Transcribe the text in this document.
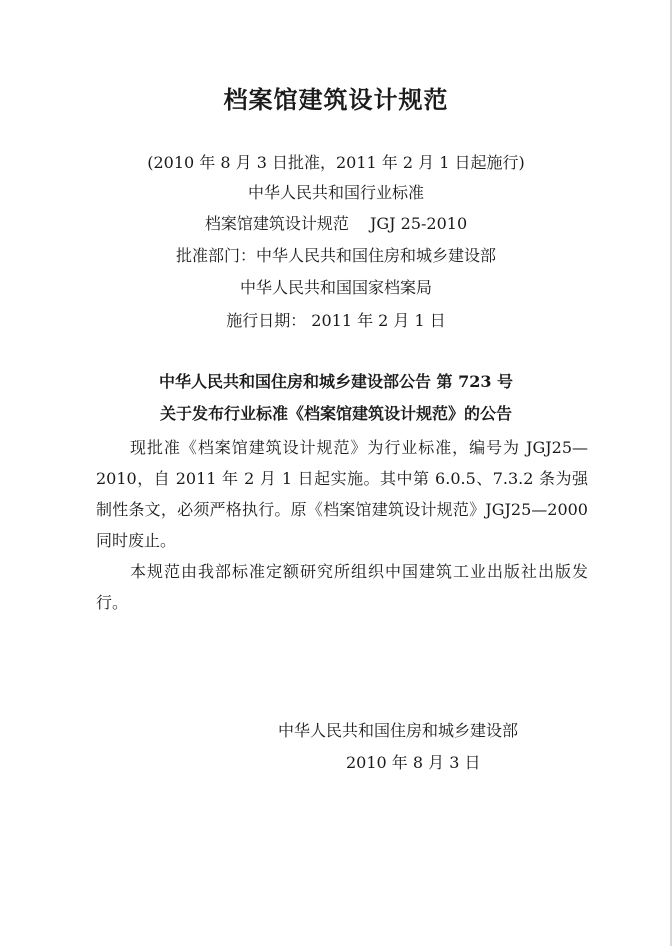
档案馆建筑设计规范
(2010 年 8 月 3 日批准，2011 年 2 月 1 日起施行)
中华人民共和国行业标准
档案馆建筑设计规范　 JGJ 25-2010
批准部门：中华人民共和国住房和城乡建设部
中华人民共和国国家档案局
施行日期： 2011 年 2 月 1 日
中华人民共和国住房和城乡建设部公告 第 723 号
关于发布行业标准《档案馆建筑设计规范》的公告

现批准《档案馆建筑设计规范》为行业标准，编号为 JGJ25—2010，自 2011 年 2 月 1 日起实施。其中第 6.0.5、7.3.2 条为强制性条文，必须严格执行。原《档案馆建筑设计规范》JGJ25—2000 同时废止。

本规范由我部标准定额研究所组织中国建筑工业出版社出版发行。

中华人民共和国住房和城乡建设部
2010 年 8 月 3 日
